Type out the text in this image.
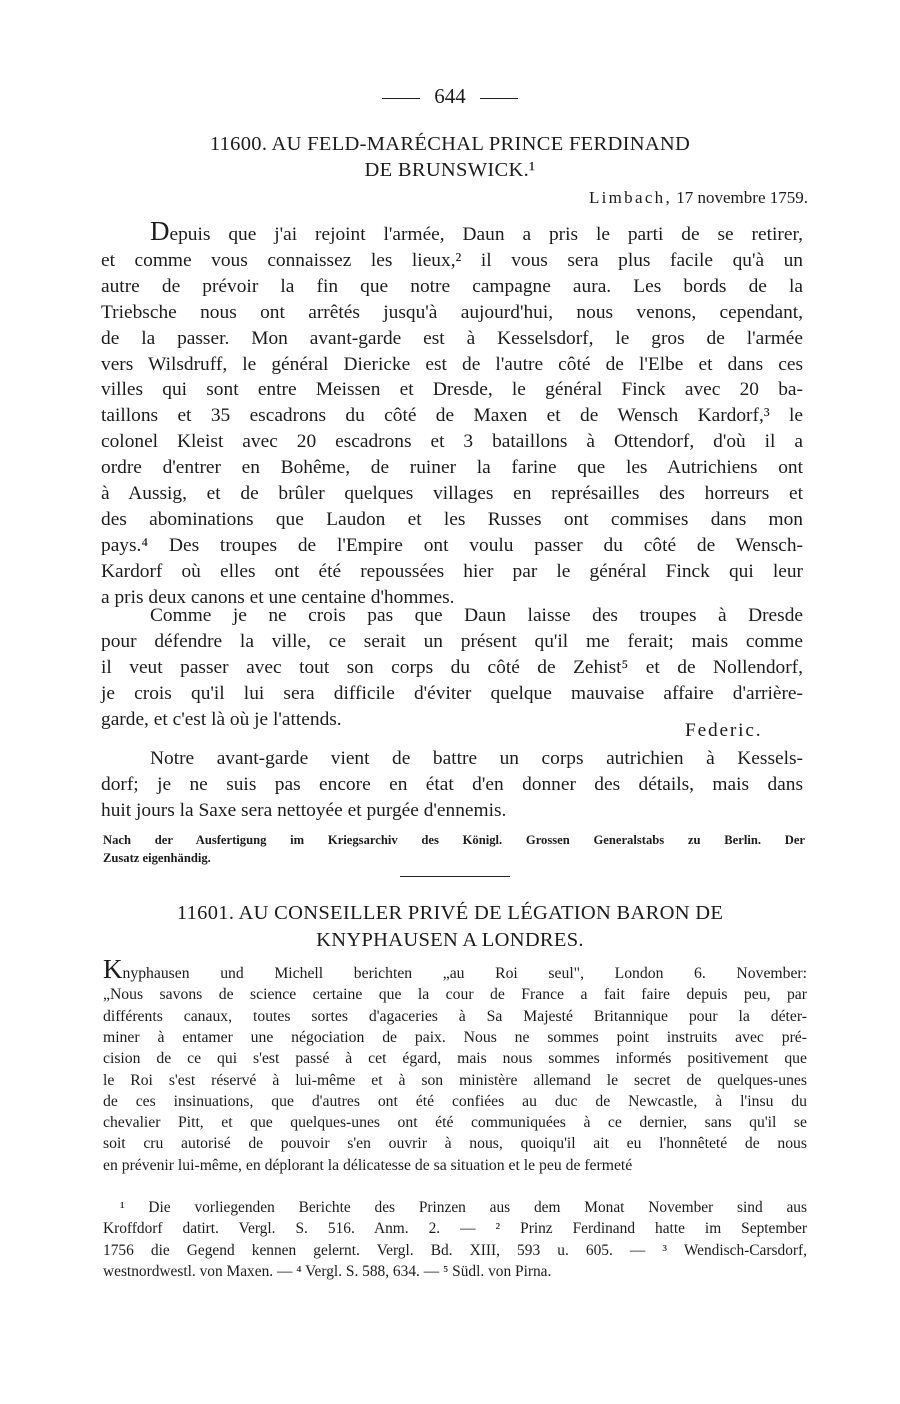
644
11600. AU FELD-MARÉCHAL PRINCE FERDINAND
DE BRUNSWICK.¹
Limbach, 17 novembre 1759.
Depuis que j'ai rejoint l'armée, Daun a pris le parti de se retirer,
et comme vous connaissez les lieux,² il vous sera plus facile qu'à un
autre de prévoir la fin que notre campagne aura. Les bords de la
Triebsche nous ont arrêtés jusqu'à aujourd'hui, nous venons, cependant,
de la passer. Mon avant-garde est à Kesselsdorf, le gros de l'armée
vers Wilsdruff, le général Diericke est de l'autre côté de l'Elbe et dans ces
villes qui sont entre Meissen et Dresde, le général Finck avec 20 ba-
taillons et 35 escadrons du côté de Maxen et de Wensch Kardorf,³ le
colonel Kleist avec 20 escadrons et 3 bataillons à Ottendorf, d'où il a
ordre d'entrer en Bohême, de ruiner la farine que les Autrichiens ont
à Aussig, et de brûler quelques villages en représailles des horreurs et
des abominations que Laudon et les Russes ont commises dans mon
pays.⁴ Des troupes de l'Empire ont voulu passer du côté de Wensch-
Kardorf où elles ont été repoussées hier par le général Finck qui leur
a pris deux canons et une centaine d'hommes.
Comme je ne crois pas que Daun laisse des troupes à Dresde
pour défendre la ville, ce serait un présent qu'il me ferait; mais comme
il veut passer avec tout son corps du côté de Zehist⁵ et de Nollendorf,
je crois qu'il lui sera difficile d'éviter quelque mauvaise affaire d'arrière-
garde, et c'est là où je l'attends.
Notre avant-garde vient de battre un corps autrichien à Kessels-
dorf; je ne suis pas encore en état d'en donner des détails, mais dans
huit jours la Saxe sera nettoyée et purgée d'ennemis.
Federic.
Nach der Ausfertigung im Kriegsarchiv des Königl. Grossen Generalstabs zu Berlin. Der
Zusatz eigenhändig.
11601. AU CONSEILLER PRIVÉ DE LÉGATION BARON DE
KNYPHAUSEN A LONDRES.
Knyphausen und Michell berichten „au Roi seul", London 6. November:
„Nous savons de science certaine que la cour de France a fait faire depuis peu, par
différents canaux, toutes sortes d'agaceries à Sa Majesté Britannique pour la déter-
miner à entamer une négociation de paix. Nous ne sommes point instruits avec pré-
cision de ce qui s'est passé à cet égard, mais nous sommes informés positivement que
le Roi s'est réservé à lui-même et à son ministère allemand le secret de quelques-unes
de ces insinuations, que d'autres ont été confiées au duc de Newcastle, à l'insu du
chevalier Pitt, et que quelques-unes ont été communiquées à ce dernier, sans qu'il se
soit cru autorisé de pouvoir s'en ouvrir à nous, quoiqu'il ait eu l'honnêteté de nous
en prévenir lui-même, en déplorant la délicatesse de sa situation et le peu de fermeté
¹ Die vorliegenden Berichte des Prinzen aus dem Monat November sind aus
Kroffdorf datirt. Vergl. S. 516. Anm. 2. — ² Prinz Ferdinand hatte im September
1756 die Gegend kennen gelernt. Vergl. Bd. XIII, 593 u. 605. — ³ Wendisch-Carsdorf,
westnordwestl. von Maxen. — ⁴ Vergl. S. 588, 634. — ⁵ Südl. von Pirna.
